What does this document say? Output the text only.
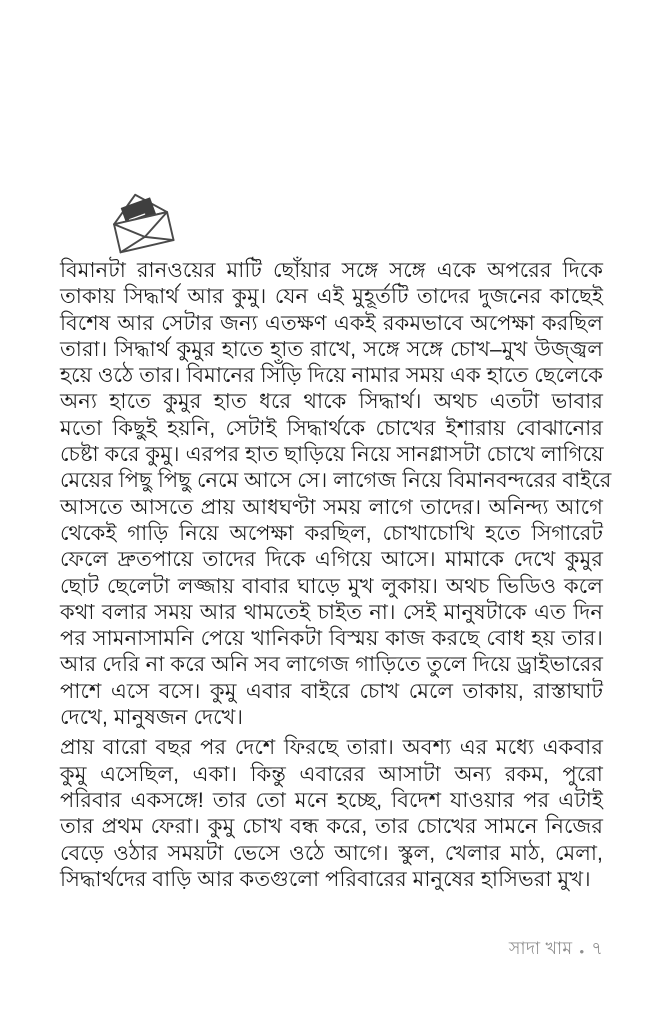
বিমানটা রানওয়ের মাটি ছোঁয়ার সঙ্গে সঙ্গে একে অপরের দিকে
তাকায় সিদ্ধার্থ আর কুমু। যেন এই মুহূর্তটি তাদের দুজনের কাছেই
বিশেষ আর সেটার জন্য এতক্ষণ একই রকমভাবে অপেক্ষা করছিল
তারা। সিদ্ধার্থ কুমুর হাতে হাত রাখে, সঙ্গে সঙ্গে চোখ–মুখ উজ্জ্বল
হয়ে ওঠে তার। বিমানের সিঁড়ি দিয়ে নামার সময় এক হাতে ছেলেকে
অন্য হাতে কুমুর হাত ধরে থাকে সিদ্ধার্থ। অথচ এতটা ভাবার
মতো কিছুই হয়নি, সেটাই সিদ্ধার্থকে চোখের ইশারায় বোঝানোর
চেষ্টা করে কুমু। এরপর হাত ছাড়িয়ে নিয়ে সানগ্লাসটা চোখে লাগিয়ে
মেয়ের পিছু পিছু নেমে আসে সে। লাগেজ নিয়ে বিমানবন্দরের বাইরে
আসতে আসতে প্রায় আধঘণ্টা সময় লাগে তাদের। অনিন্দ্য আগে
থেকেই গাড়ি নিয়ে অপেক্ষা করছিল, চোখাচোখি হতে সিগারেট
ফেলে দ্রুতপায়ে তাদের দিকে এগিয়ে আসে। মামাকে দেখে কুমুর
ছোট ছেলেটা লজ্জায় বাবার ঘাড়ে মুখ লুকায়। অথচ ভিডিও কলে
কথা বলার সময় আর থামতেই চাইত না। সেই মানুষটাকে এত দিন
পর সামনাসামনি পেয়ে খানিকটা বিস্ময় কাজ করছে বোধ হয় তার।
আর দেরি না করে অনি সব লাগেজ গাড়িতে তুলে দিয়ে ড্রাইভারের
পাশে এসে বসে। কুমু এবার বাইরে চোখ মেলে তাকায়, রাস্তাঘাট
দেখে, মানুষজন দেখে।
প্রায় বারো বছর পর দেশে ফিরছে তারা। অবশ্য এর মধ্যে একবার
কুমু এসেছিল, একা। কিন্তু এবারের আসাটা অন্য রকম, পুরো
পরিবার একসঙ্গে! তার তো মনে হচ্ছে, বিদেশ যাওয়ার পর এটাই
তার প্রথম ফেরা। কুমু চোখ বন্ধ করে, তার চোখের সামনে নিজের
বেড়ে ওঠার সময়টা ভেসে ওঠে আগে। স্কুল, খেলার মাঠ, মেলা,
সিদ্ধার্থদের বাড়ি আর কতগুলো পরিবারের মানুষের হাসিভরা মুখ।
সাদা খাম • ৭
